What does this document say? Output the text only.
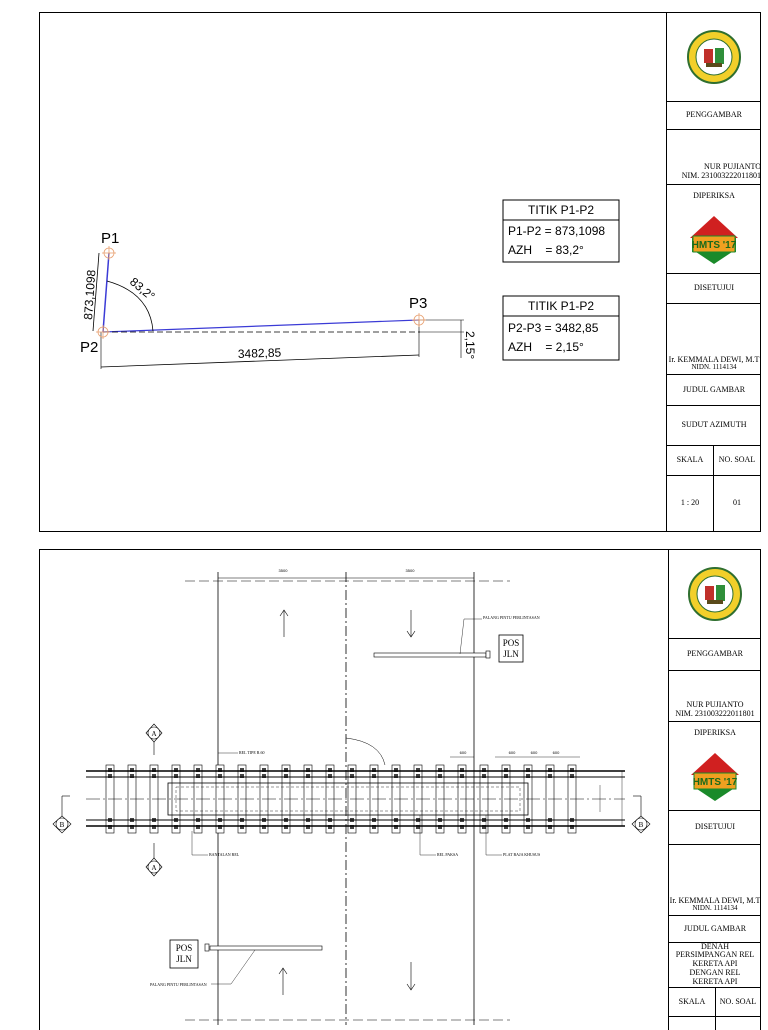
P1
P2
P3
873,1098
3482,85
83,2°
2,15°
TITIK P1-P2
P1-P2 = 873,1098
AZH    = 83,2°
TITIK P1-P2
P2-P3 = 3482,85
AZH    = 2,15°
PENGGAMBAR
NUR PUJIANTO
NIM. 231003222011801
DIPERIKSA
HMTS '17
DISETUJUI
Ir. KEMMALA DEWI, M.T
NIDN. 1114134
JUDUL GAMBAR
SUDUT AZIMUTH
SKALA	NO. SOAL
1 : 20	01
3500	3500
PALANG PINTU PERLINTASAN
POS
JLN
PALANG PINTU PERLINTASAN
POS
JLN
600	600	600	600
REL TIPE R.60
BANTALAN REL	REL PAKSA	PLAT BAJA KHUSUS
A
A
B	B
PENGGAMBAR
NUR PUJIANTO
NIM. 231003222011801
DIPERIKSA
HMTS '17
DISETUJUI
Ir. KEMMALA DEWI, M.T
NIDN. 1114134
JUDUL GAMBAR
DENAH PERSIMPANGAN REL KERETA API DENGAN REL KERETA API
SKALA	NO. SOAL
